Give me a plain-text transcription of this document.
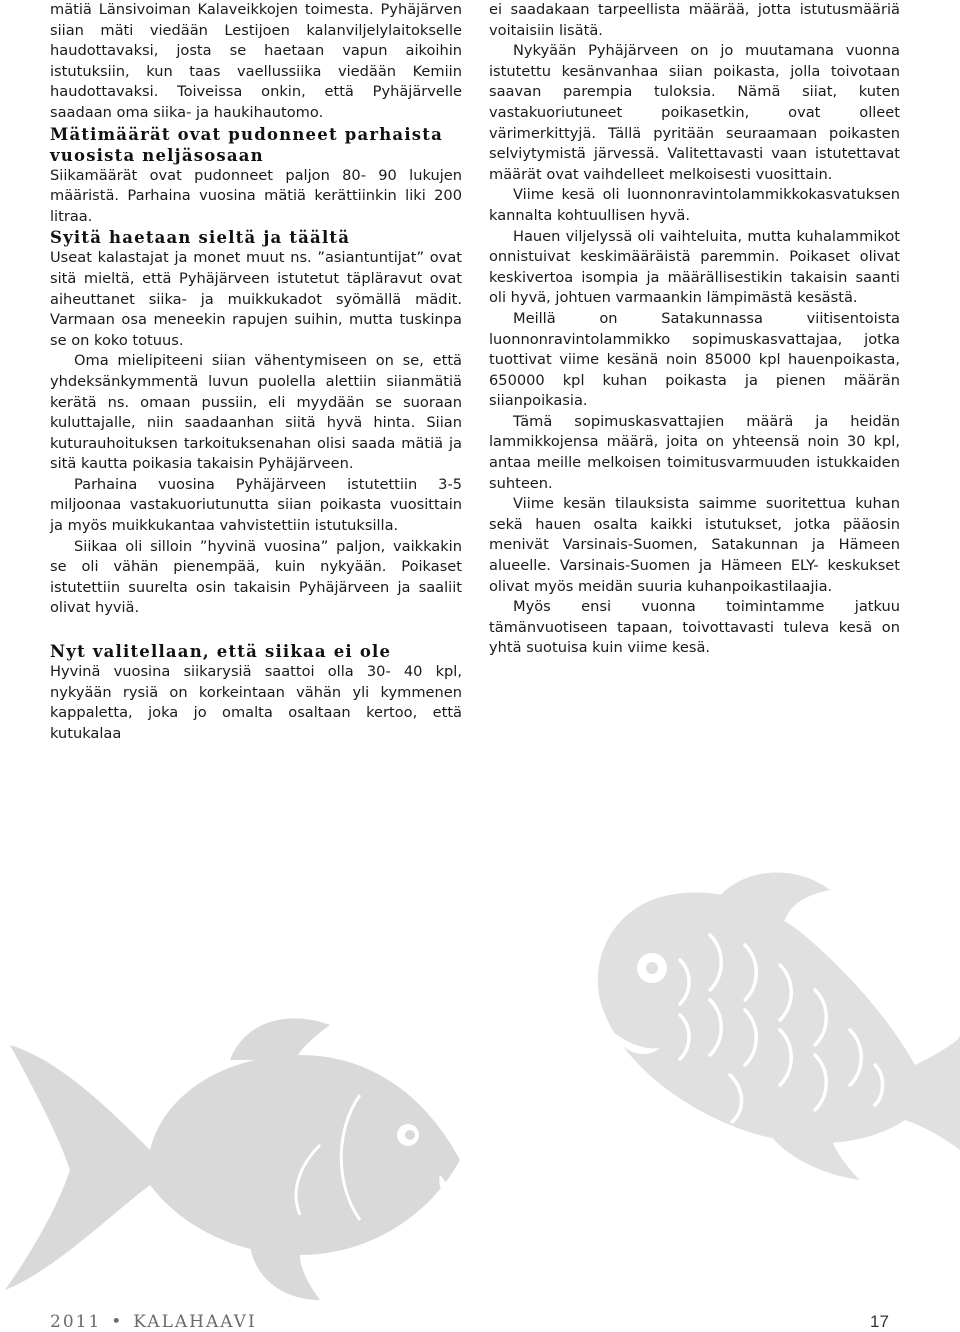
mätiä Länsivoiman Kalaveikkojen toimesta. Pyhäjärven siian mäti viedään Lestijoen kalanviljelylaitokselle haudottavaksi, josta se haetaan vapun aikoihin istutuksiin, kun taas vaellussiika viedään Kemiin haudottavaksi. Toiveissa onkin, että Pyhäjärvelle saadaan oma siika- ja haukihautomo.

Mätimäärät ovat pudonneet parhaista vuosista neljäsosaan

Siikamäärät ovat pudonneet paljon 80- 90 lukujen määristä. Parhaina vuosina mätiä kerättiinkin liki 200 litraa.

Syitä haetaan sieltä ja täältä

Useat kalastajat ja monet muut ns. ”asiantuntijat” ovat sitä mieltä, että Pyhäjärveen istutetut täpläravut ovat aiheuttanet siika- ja muikkukadot syömällä mädit. Varmaan osa meneekin rapujen suihin, mutta tuskinpa se on koko totuus.

Oma mielipiteeni siian vähentymiseen on se, että yhdeksänkymmentä luvun puolella alettiin siianmätiä kerätä ns. omaan pussiin, eli myydään se suoraan kuluttajalle, niin saadaanhan siitä hyvä hinta. Siian kuturauhoituksen tarkoituksenahan olisi saada mätiä ja sitä kautta poikasia takaisin Pyhäjärveen.

Parhaina vuosina Pyhäjärveen istutettiin 3-5 miljoonaa vastakuoriutunutta siian poikasta vuosittain ja myös muikkukantaa vahvistettiin istutuksilla.

Siikaa oli silloin ”hyvinä vuosina” paljon, vaikkakin se oli vähän pienempää, kuin nykyään. Poikaset istutettiin suurelta osin takaisin Pyhäjärveen ja saaliit olivat hyviä.

Nyt valitellaan, että siikaa ei ole

Hyvinä vuosina siikarysiä saattoi olla 30- 40 kpl, nykyään rysiä on korkeintaan vähän yli kymmenen kappaletta, joka jo omalta osaltaan kertoo, että kutukalaa

ei saadakaan tarpeellista määrää, jotta istutusmääriä voitaisiin lisätä.

Nykyään Pyhäjärveen on jo muutamana vuonna istutettu kesänvanhaa siian poikasta, jolla toivotaan saavan parempia tuloksia. Nämä siiat, kuten vastakuoriutuneet poikasetkin, ovat olleet värimerkittyjä. Tällä pyritään seuraamaan poikasten selviytymistä järvessä. Valitettavasti vaan istutettavat määrät ovat vaihdelleet melkoisesti vuosittain.

Viime kesä oli luonnonravintolammikkokasvatuksen kannalta kohtuullisen hyvä.

Hauen viljelyssä oli vaihteluita, mutta kuhalammikot onnistuivat keskimääräistä paremmin. Poikaset olivat keskivertoa isompia ja määrällisestikin takaisin saanti oli hyvä, johtuen varmaankin lämpimästä kesästä.

Meillä on Satakunnassa viitisentoista luonnonravintolammikko sopimuskasvattajaa, jotka tuottivat viime kesänä noin 85000 kpl hauenpoikasta, 650000 kpl kuhan poikasta ja pienen määrän siianpoikasia.

Tämä sopimuskasvattajien määrä ja heidän lammikkojensa määrä, joita on yhteensä noin 30 kpl, antaa meille melkoisen toimitusvarmuuden istukkaiden suhteen.

Viime kesän tilauksista saimme suoritettua kuhan sekä hauen osalta kaikki istutukset, jotka pääosin menivät Varsinais-Suomen, Satakunnan ja Hämeen alueelle. Varsinais-Suomen ja Hämeen ELY- keskukset olivat myös meidän suuria kuhanpoikastilaajia.

Myös ensi vuonna toimintamme jatkuu tämänvuotiseen tapaan, toivottavasti tuleva kesä on yhtä suotuisa kuin viime kesä.

2011 • KALAHAAVI	17
